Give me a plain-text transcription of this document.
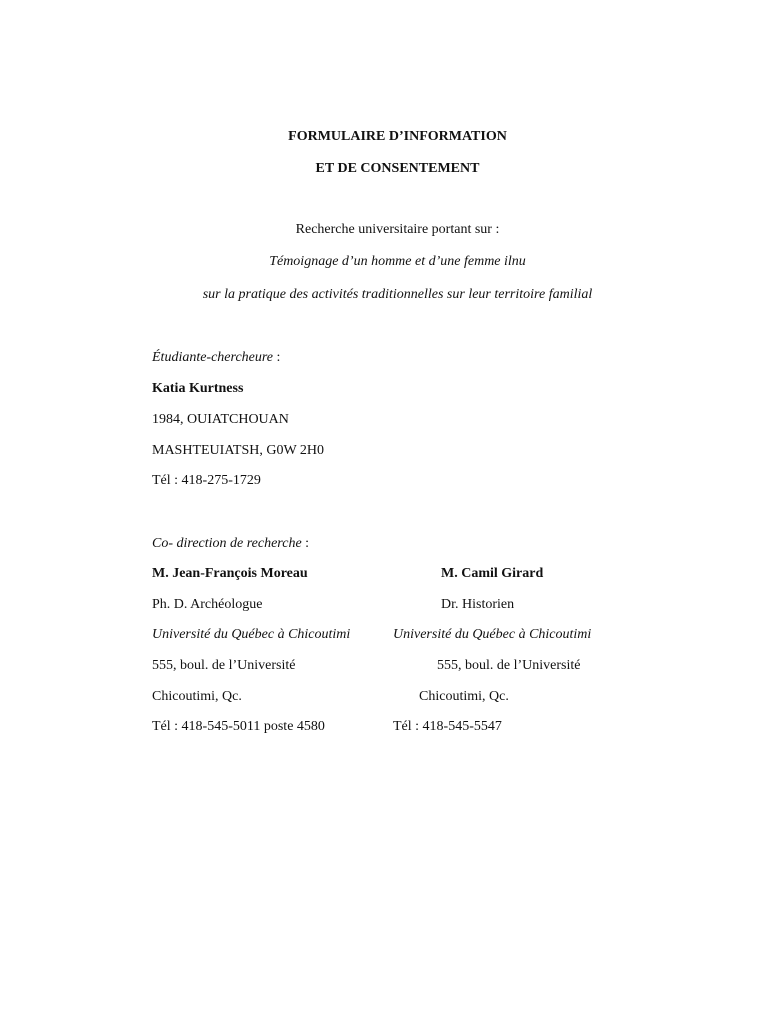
FORMULAIRE D’INFORMATION
ET DE CONSENTEMENT
Recherche universitaire portant sur :
Témoignage d’un homme et d’une femme ilnu
sur la pratique des activités traditionnelles sur leur territoire familial
Étudiante-chercheure :
Katia Kurtness
1984, OUIATCHOUAN
MASHTEUIATSH, G0W 2H0
Tél : 418-275-1729
Co- direction de recherche :
M. Jean-François Moreau
Ph. D. Archéologue
Université du Québec à Chicoutimi
555, boul. de l’Université
Chicoutimi, Qc.
Tél : 418-545-5011 poste 4580
M. Camil Girard
Dr. Historien
Université du Québec à Chicoutimi
555, boul. de l’Université
Chicoutimi, Qc.
Tél : 418-545-5547
